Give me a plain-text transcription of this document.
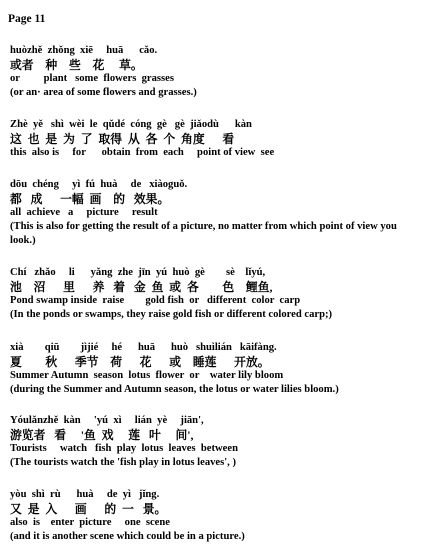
Page 11
huòzhě  zhǒng  xiē     huā      cǎo.
或者    种    些    花     草。
or         plant   some  flowers  grasses
(or an· area of some flowers and grasses.)
Zhè  yě   shì  wèi  le  qǔdé  cóng  gè   gè  jiǎodù      kàn
这  也  是  为  了  取得  从  各  个  角度      看
this  also is     for      obtain  from  each     point of view  see
dōu  chéng     yì  fú  huà     de   xiàoguǒ.
都   成      一幅  画    的   效果。
all  achieve   a     picture     result
(This is also for getting the result of a picture, no matter from which point of view you look.)
Chí   zhǎo     li      yǎng  zhe  jīn  yú  huò  gè        sè    lǐyú,
池    沼      里      养   着   金  鱼  或  各        色    鲤鱼,
Pond swamp inside  raise        gold fish  or   different  color  carp
(In the ponds or swamps, they raise gold fish or different colored carp;)
xià        qiū        jìjié     hé      huā      huò   shuìlián   kāifàng.
夏        秋      季节    荷      花      或    睡莲      开放。
Summer Autumn  season  lotus  flower  or    water lily bloom
(during the Summer and Autumn season, the lotus or water lilies bloom.)
Yóulǎnzhě  kàn     'yú  xì     lián  yè     jiān',
游览者   看     '鱼  戏     莲   叶     间',
Tourists     watch   fish  play  lotus  leaves  between
(The tourists watch the 'fish play in lotus leaves', )
yòu  shì  rù      huà     de  yì   jǐng.
又  是  入      画      的  一   景。
also  is    enter  picture     one  scene
(and it is another scene which could be in a picture.)
